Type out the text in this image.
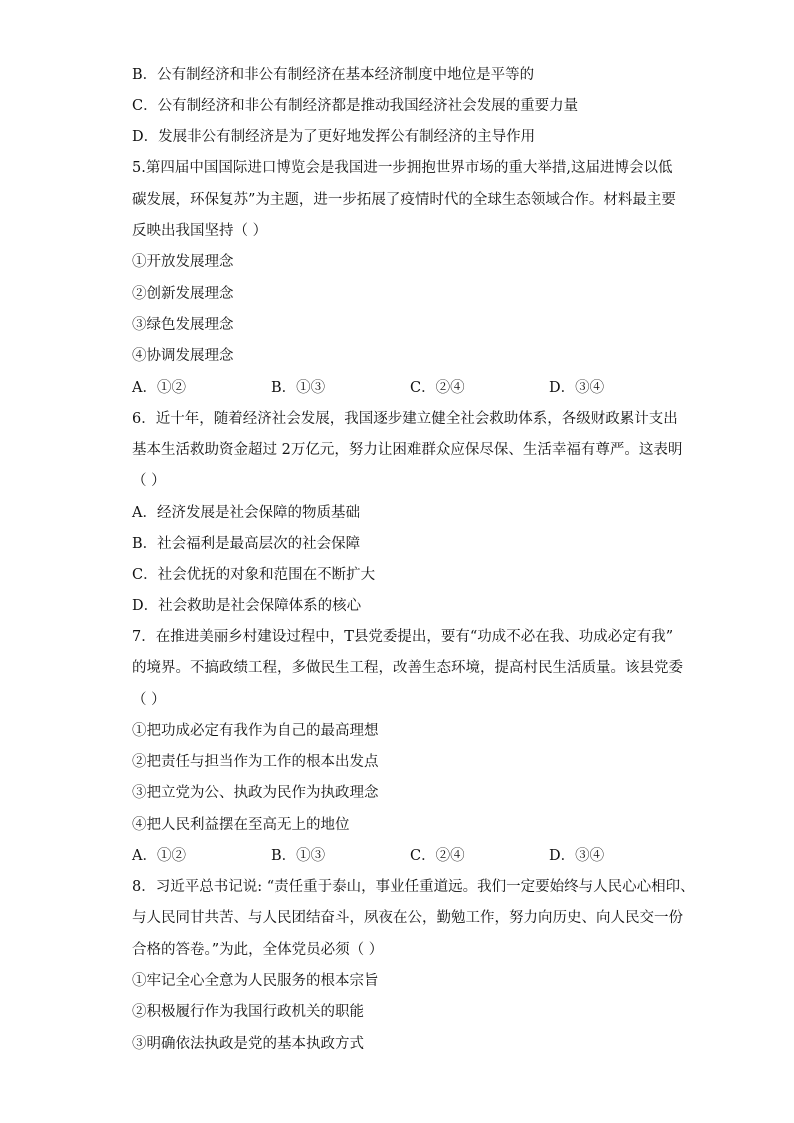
B．公有制经济和非公有制经济在基本经济制度中地位是平等的
C．公有制经济和非公有制经济都是推动我国经济社会发展的重要力量
D．发展非公有制经济是为了更好地发挥公有制经济的主导作用
5.第四届中国国际进口博览会是我国进一步拥抱世界市场的重大举措,这届进博会以低
碳发展，环保复苏”为主题，进一步拓展了疫情时代的全球生态领域合作。材料最主要
反映出我国坚持（ ）
①开放发展理念
②创新发展理念
③绿色发展理念
④协调发展理念
A．①②	B．①③	C．②④	D．③④
6．近十年，随着经济社会发展，我国逐步建立健全社会救助体系，各级财政累计支出
基本生活救助资金超过 2万亿元，努力让困难群众应保尽保、生活幸福有尊严。这表明
（ ）
A．经济发展是社会保障的物质基础
B．社会福利是最高层次的社会保障
C．社会优抚的对象和范围在不断扩大
D．社会救助是社会保障体系的核心
7．在推进美丽乡村建设过程中，T县党委提出，要有“功成不必在我、功成必定有我”
的境界。不搞政绩工程，多做民生工程，改善生态环境，提高村民生活质量。该县党委
（ ）
①把功成必定有我作为自己的最高理想
②把责任与担当作为工作的根本出发点
③把立党为公、执政为民作为执政理念
④把人民利益摆在至高无上的地位
A．①②	B．①③	C．②④	D．③④
8．习近平总书记说: “责任重于泰山，事业任重道远。我们一定要始终与人民心心相印、
与人民同甘共苦、与人民团结奋斗，夙夜在公，勤勉工作，努力向历史、向人民交一份
合格的答卷。”为此，全体党员必须（ ）
①牢记全心全意为人民服务的根本宗旨
②积极履行作为我国行政机关的职能
③明确依法执政是党的基本执政方式
